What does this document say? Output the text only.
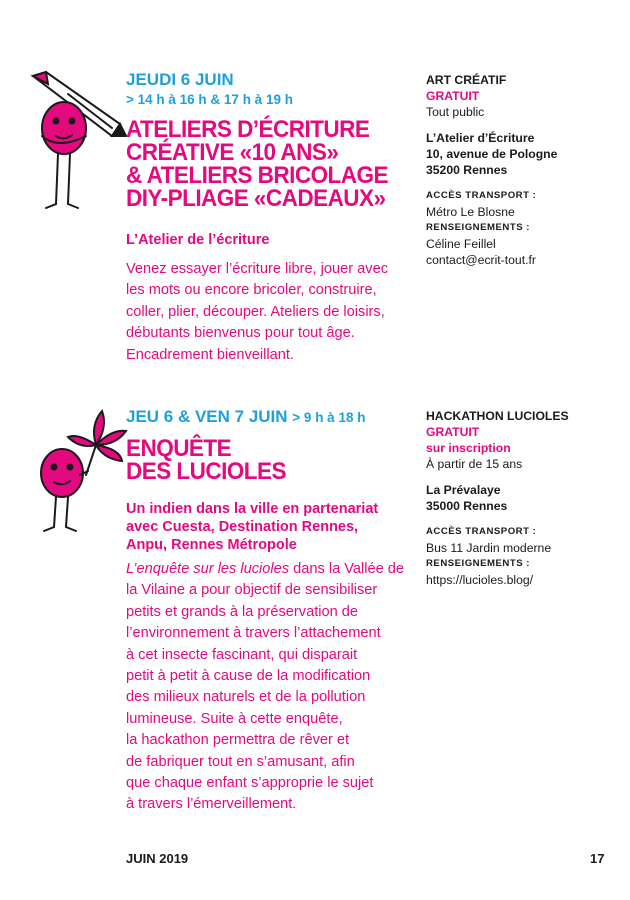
JEUDI 6 JUIN
> 14 h à 16 h & 17 h à 19 h
ATELIERS D’ÉCRITURE
CRÉATIVE «10 ANS»
& ATELIERS BRICOLAGE
DIY-PLIAGE «CADEAUX»
L’Atelier de l’écriture
Venez essayer l’écriture libre, jouer avec
les mots ou encore bricoler, construire,
coller, plier, découper. Ateliers de loisirs,
débutants bienvenus pour tout âge.
Encadrement bienveillant.
ART CRÉATIF
GRATUIT
Tout public
L’Atelier d’Écriture
10, avenue de Pologne
35200 Rennes
ACCÈS TRANSPORT :
Métro Le Blosne
RENSEIGNEMENTS :
Céline Feillel
contact@ecrit-tout.fr
JEU 6 & VEN 7 JUIN > 9 h à 18 h
ENQUÊTE
DES LUCIOLES
Un indien dans la ville en partenariat
avec Cuesta, Destination Rennes,
Anpu, Rennes Métropole
L’enquête sur les lucioles dans la Vallée de
la Vilaine a pour objectif de sensibiliser
petits et grands à la préservation de
l’environnement à travers l’attachement
à cet insecte fascinant, qui disparait
petit à petit à cause de la modification
des milieux naturels et de la pollution
lumineuse. Suite à cette enquête,
la hackathon permettra de rêver et
de fabriquer tout en s’amusant, afin
que chaque enfant s’approprie le sujet
à travers l’émerveillement.
HACKATHON LUCIOLES
GRATUIT
sur inscription
À partir de 15 ans
La Prévalaye
35000 Rennes
ACCÈS TRANSPORT :
Bus 11 Jardin moderne
RENSEIGNEMENTS :
https://lucioles.blog/
JUIN 2019	17
